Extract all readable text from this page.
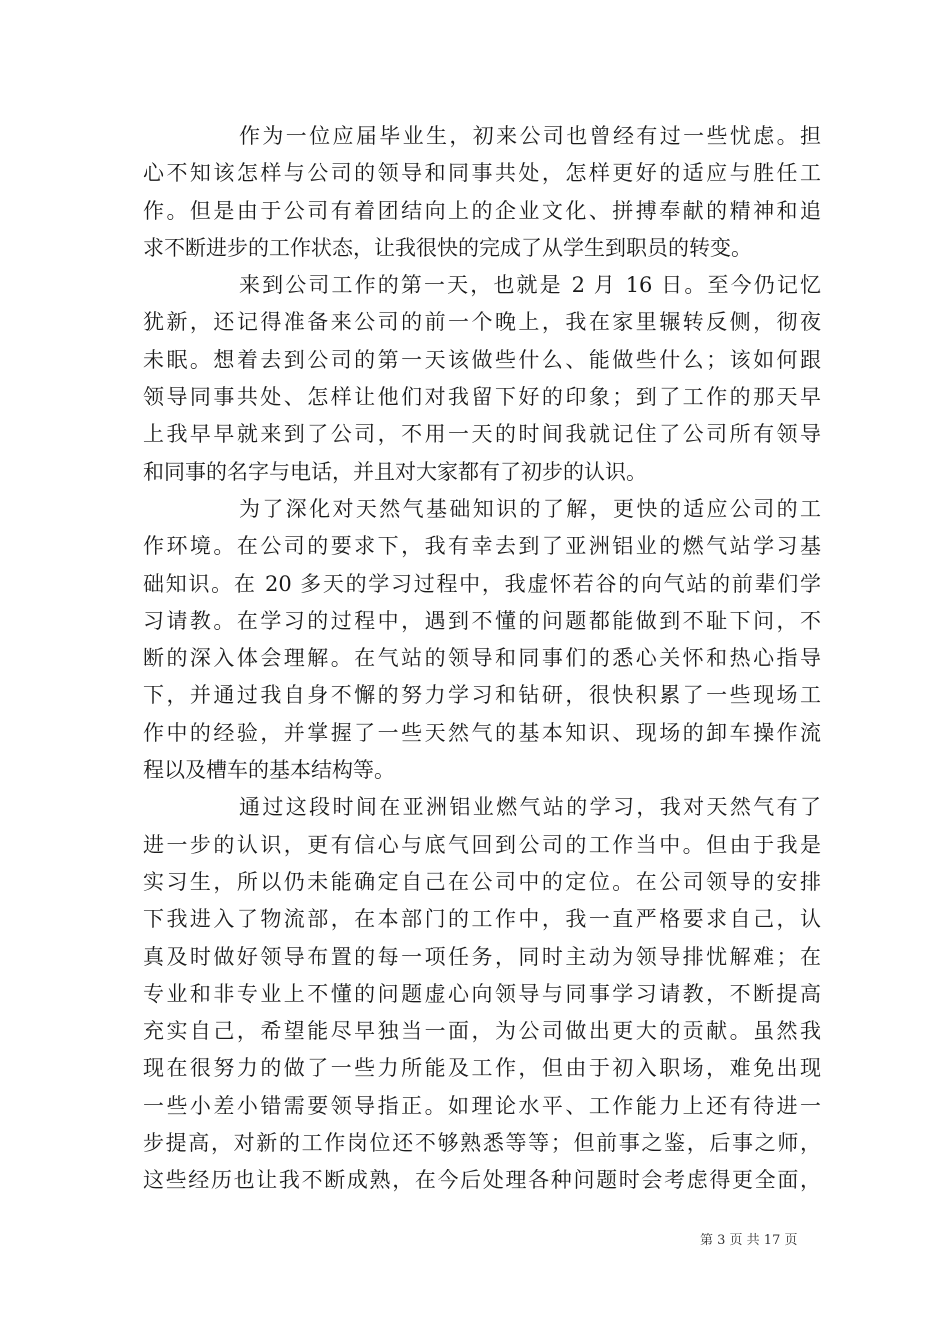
作为一位应届毕业生，初来公司也曾经有过一些忧虑。担
心不知该怎样与公司的领导和同事共处，怎样更好的适应与胜任工
作。但是由于公司有着团结向上的企业文化、拼搏奉献的精神和追
求不断进步的工作状态，让我很快的完成了从学生到职员的转变。
来到公司工作的第一天，也就是 2 月 16 日。至今仍记忆
犹新，还记得准备来公司的前一个晚上，我在家里辗转反侧，彻夜
未眠。想着去到公司的第一天该做些什么、能做些什么；该如何跟
领导同事共处、怎样让他们对我留下好的印象；到了工作的那天早
上我早早就来到了公司，不用一天的时间我就记住了公司所有领导
和同事的名字与电话，并且对大家都有了初步的认识。
为了深化对天然气基础知识的了解，更快的适应公司的工
作环境。在公司的要求下，我有幸去到了亚洲铝业的燃气站学习基
础知识。在 20 多天的学习过程中，我虚怀若谷的向气站的前辈们学
习请教。在学习的过程中，遇到不懂的问题都能做到不耻下问，不
断的深入体会理解。在气站的领导和同事们的悉心关怀和热心指导
下，并通过我自身不懈的努力学习和钻研，很快积累了一些现场工
作中的经验，并掌握了一些天然气的基本知识、现场的卸车操作流
程以及槽车的基本结构等。
通过这段时间在亚洲铝业燃气站的学习，我对天然气有了
进一步的认识，更有信心与底气回到公司的工作当中。但由于我是
实习生，所以仍未能确定自己在公司中的定位。在公司领导的安排
下我进入了物流部，在本部门的工作中，我一直严格要求自己，认
真及时做好领导布置的每一项任务，同时主动为领导排忧解难；在
专业和非专业上不懂的问题虚心向领导与同事学习请教，不断提高
充实自己，希望能尽早独当一面，为公司做出更大的贡献。虽然我
现在很努力的做了一些力所能及工作，但由于初入职场，难免出现
一些小差小错需要领导指正。如理论水平、工作能力上还有待进一
步提高，对新的工作岗位还不够熟悉等等；但前事之鉴，后事之师，
这些经历也让我不断成熟，在今后处理各种问题时会考虑得更全面，
第 3 页 共 17 页
